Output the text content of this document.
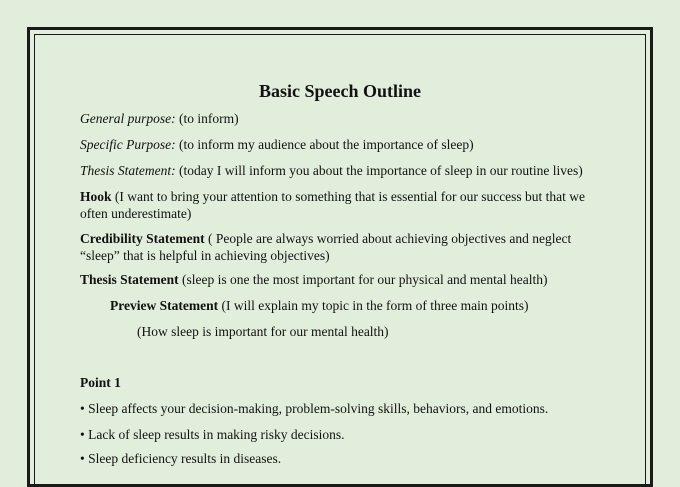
Basic Speech Outline
General purpose: (to inform)
Specific Purpose: (to inform my audience about the importance of sleep)
Thesis Statement: (today I will inform you about the importance of sleep in our routine lives)
Hook (I want to bring your attention to something that is essential for our success but that we often underestimate)
Credibility Statement ( People are always worried about achieving objectives and neglect “sleep” that is helpful in achieving objectives)
Thesis Statement (sleep is one the most important for our physical and mental health)
Preview Statement (I will explain my topic in the form of three main points)
(How sleep is important for our mental health)
Point 1
• Sleep affects your decision-making, problem-solving skills, behaviors, and emotions.
• Lack of sleep results in making risky decisions.
• Sleep deficiency results in diseases.
